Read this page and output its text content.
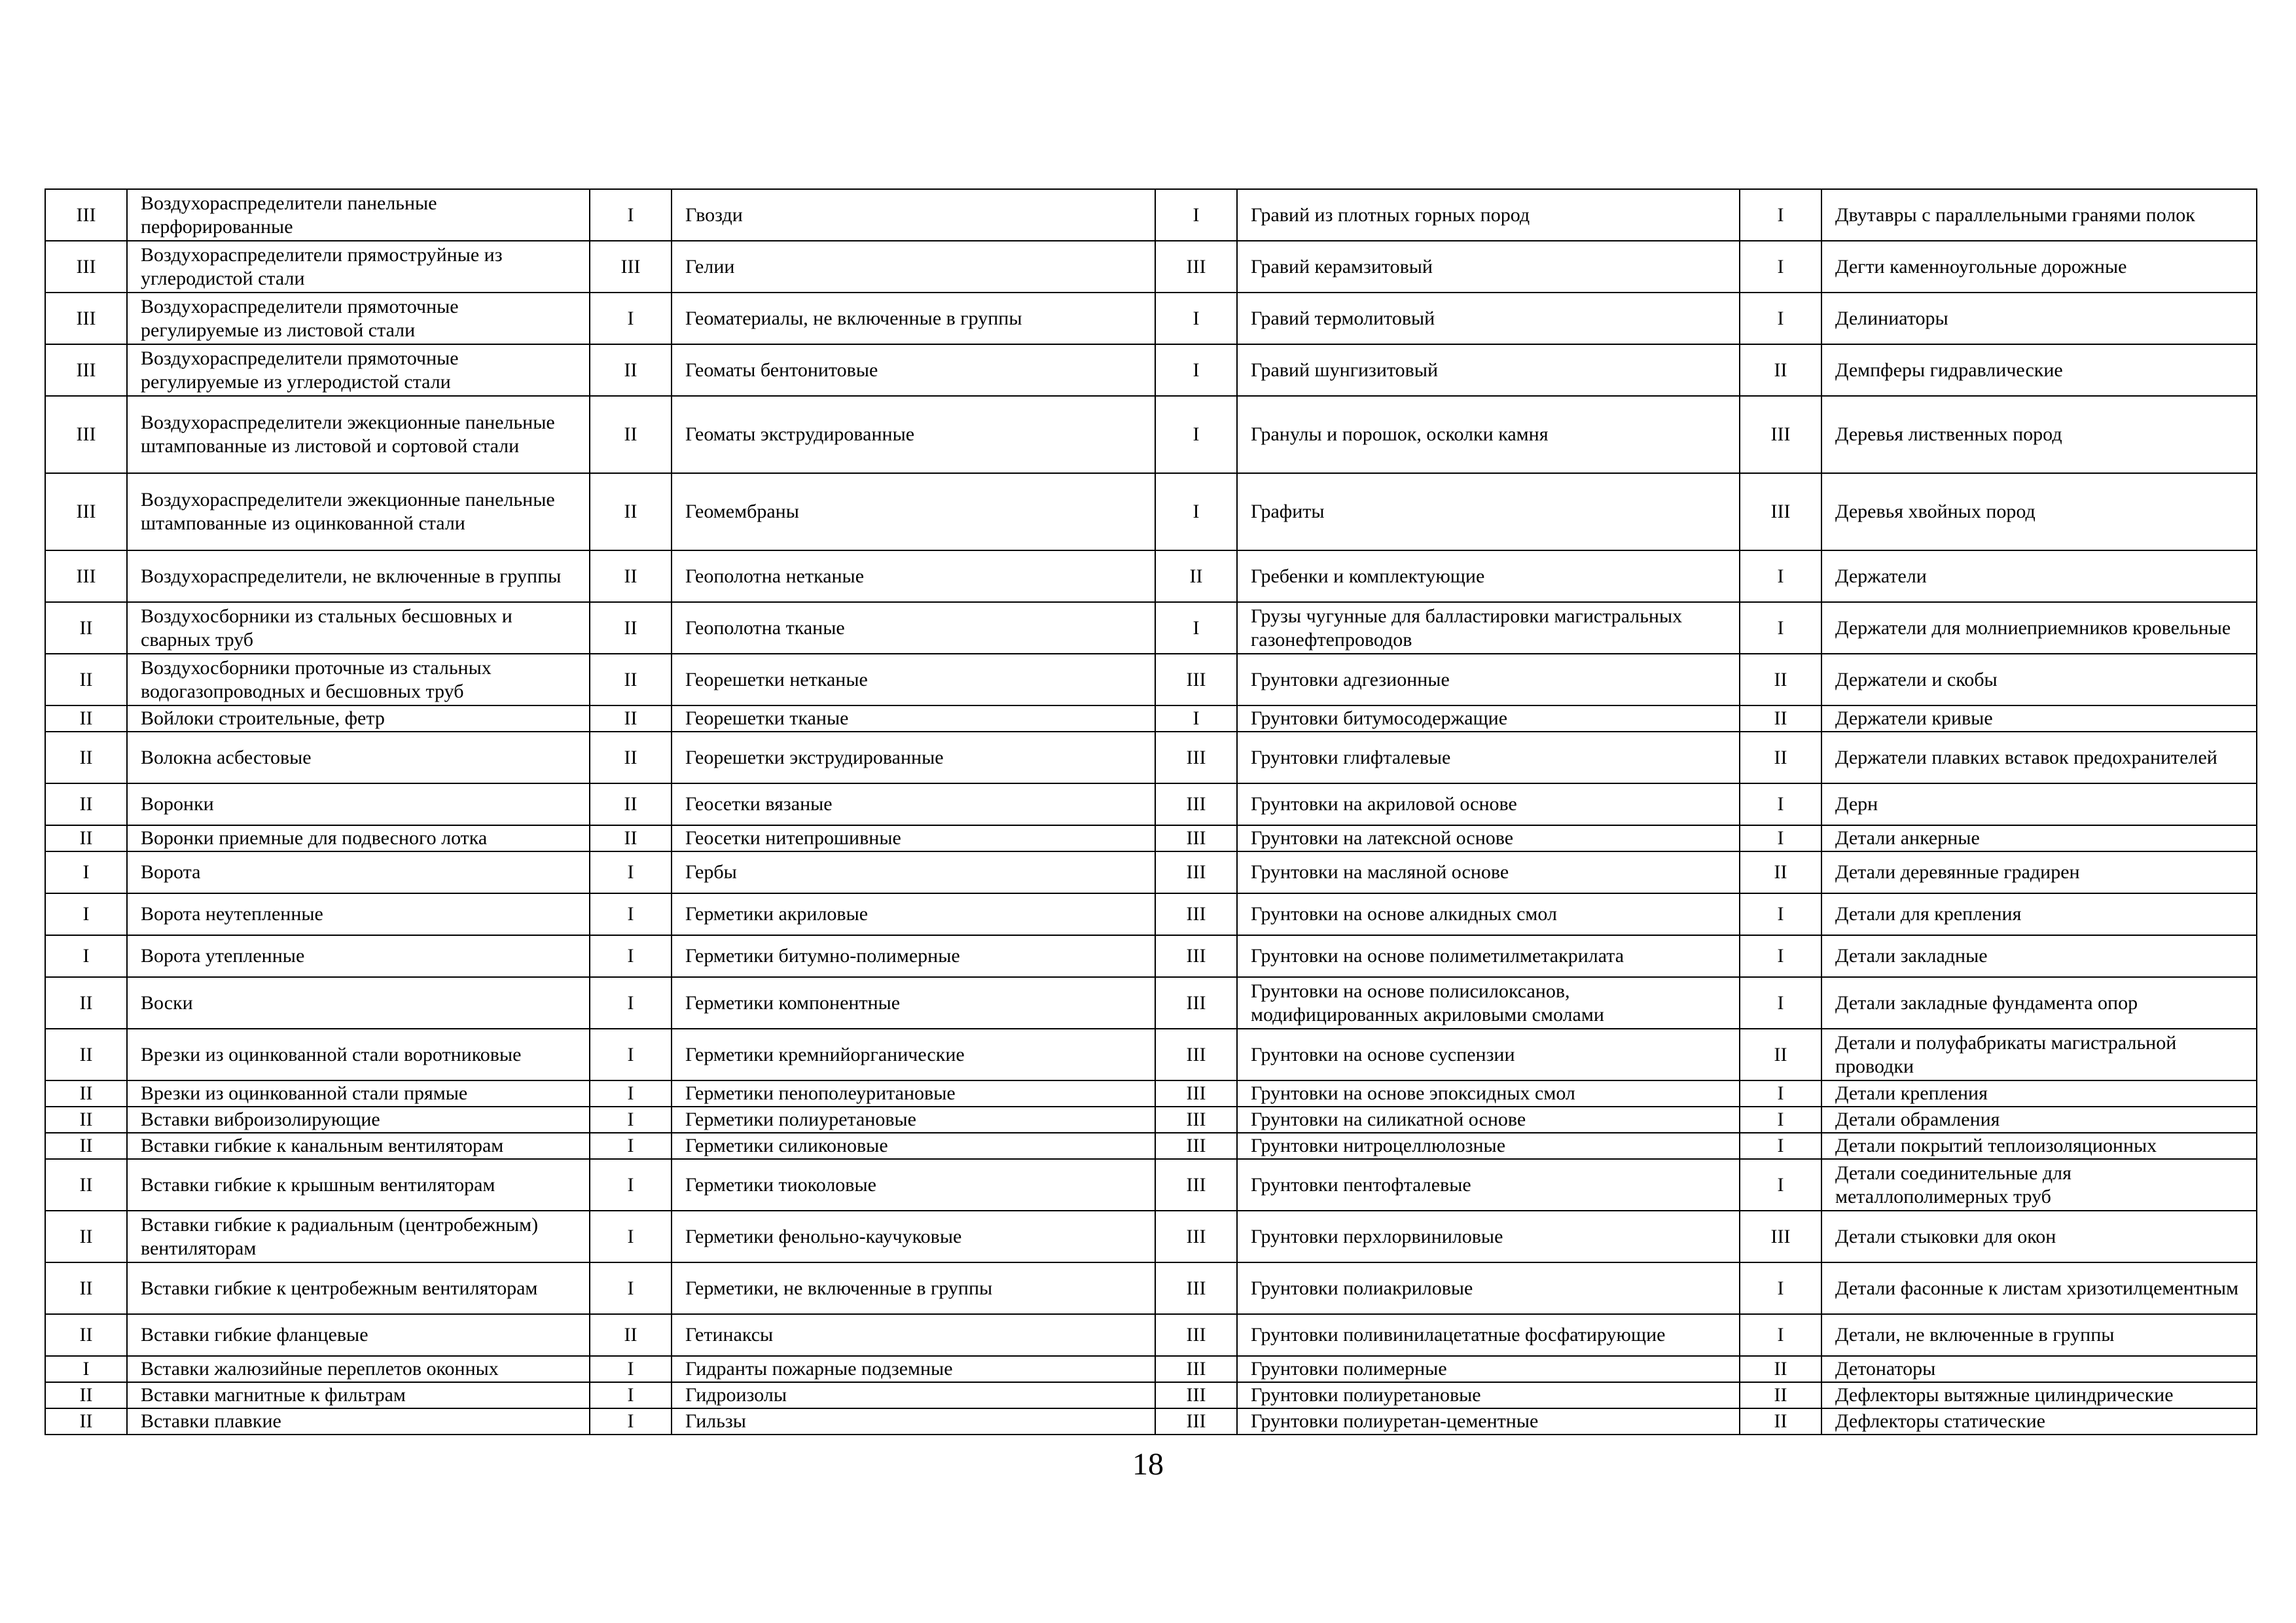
III	Воздухораспределители панельные перфорированные	I	Гвозди	I	Гравий из плотных горных пород	I	Двутавры с параллельными гранями полок
III	Воздухораспределители прямоструйные из углеродистой стали	III	Гелии	III	Гравий керамзитовый	I	Дегти каменноугольные дорожные
III	Воздухораспределители прямоточные регулируемые из листовой стали	I	Геоматериалы, не включенные в группы	I	Гравий термолитовый	I	Делиниаторы
III	Воздухораспределители прямоточные регулируемые из углеродистой стали	II	Геоматы бентонитовые	I	Гравий шунгизитовый	II	Демпферы гидравлические
III	Воздухораспределители эжекционные панельные штампованные из листовой и сортовой стали	II	Геоматы экструдированные	I	Гранулы и порошок, осколки камня	III	Деревья лиственных пород
III	Воздухораспределители эжекционные панельные штампованные из оцинкованной стали	II	Геомембраны	I	Графиты	III	Деревья хвойных пород
III	Воздухораспределители, не включенные в группы	II	Геополотна нетканые	II	Гребенки и комплектующие	I	Держатели
II	Воздухосборники из стальных бесшовных и сварных труб	II	Геополотна тканые	I	Грузы чугунные для балластировки магистральных газонефтепроводов	I	Держатели для молниеприемников кровельные
II	Воздухосборники проточные из стальных водогазопроводных и бесшовных труб	II	Георешетки нетканые	III	Грунтовки адгезионные	II	Держатели и скобы
II	Войлоки строительные, фетр	II	Георешетки тканые	I	Грунтовки битумосодержащие	II	Держатели кривые
II	Волокна асбестовые	II	Георешетки экструдированные	III	Грунтовки глифталевые	II	Держатели плавких вставок предохранителей
II	Воронки	II	Геосетки вязаные	III	Грунтовки на акриловой основе	I	Дерн
II	Воронки приемные для подвесного лотка	II	Геосетки нитепрошивные	III	Грунтовки на латексной основе	I	Детали анкерные
I	Ворота	I	Гербы	III	Грунтовки на масляной основе	II	Детали деревянные градирен
I	Ворота неутепленные	I	Герметики акриловые	III	Грунтовки на основе алкидных смол	I	Детали для крепления
I	Ворота утепленные	I	Герметики битумно-полимерные	III	Грунтовки на основе полиметилметакрилата	I	Детали закладные
II	Воски	I	Герметики компонентные	III	Грунтовки на основе полисилоксанов, модифицированных акриловыми смолами	I	Детали закладные фундамента опор
II	Врезки из оцинкованной стали воротниковые	I	Герметики кремнийорганические	III	Грунтовки на основе суспензии	II	Детали и полуфабрикаты магистральной проводки
II	Врезки из оцинкованной стали прямые	I	Герметики пенополеуритановые	III	Грунтовки на основе эпоксидных смол	I	Детали крепления
II	Вставки виброизолирующие	I	Герметики полиуретановые	III	Грунтовки на силикатной основе	I	Детали обрамления
II	Вставки гибкие к канальным вентиляторам	I	Герметики силиконовые	III	Грунтовки нитроцеллюлозные	I	Детали покрытий теплоизоляционных
II	Вставки гибкие к крышным вентиляторам	I	Герметики тиоколовые	III	Грунтовки пентофталевые	I	Детали соединительные для металлополимерных труб
II	Вставки гибкие к радиальным (центробежным) вентиляторам	I	Герметики фенольно-каучуковые	III	Грунтовки перхлорвиниловые	III	Детали стыковки для окон
II	Вставки гибкие к центробежным вентиляторам	I	Герметики, не включенные в группы	III	Грунтовки полиакриловые	I	Детали фасонные к листам хризотилцементным
II	Вставки гибкие фланцевые	II	Гетинаксы	III	Грунтовки поливинилацетатные фосфатирующие	I	Детали, не включенные в группы
I	Вставки жалюзийные переплетов оконных	I	Гидранты пожарные подземные	III	Грунтовки полимерные	II	Детонаторы
II	Вставки магнитные к фильтрам	I	Гидроизолы	III	Грунтовки полиуретановые	II	Дефлекторы вытяжные цилиндрические
II	Вставки плавкие	I	Гильзы	III	Грунтовки полиуретан-цементные	II	Дефлекторы статические
18
